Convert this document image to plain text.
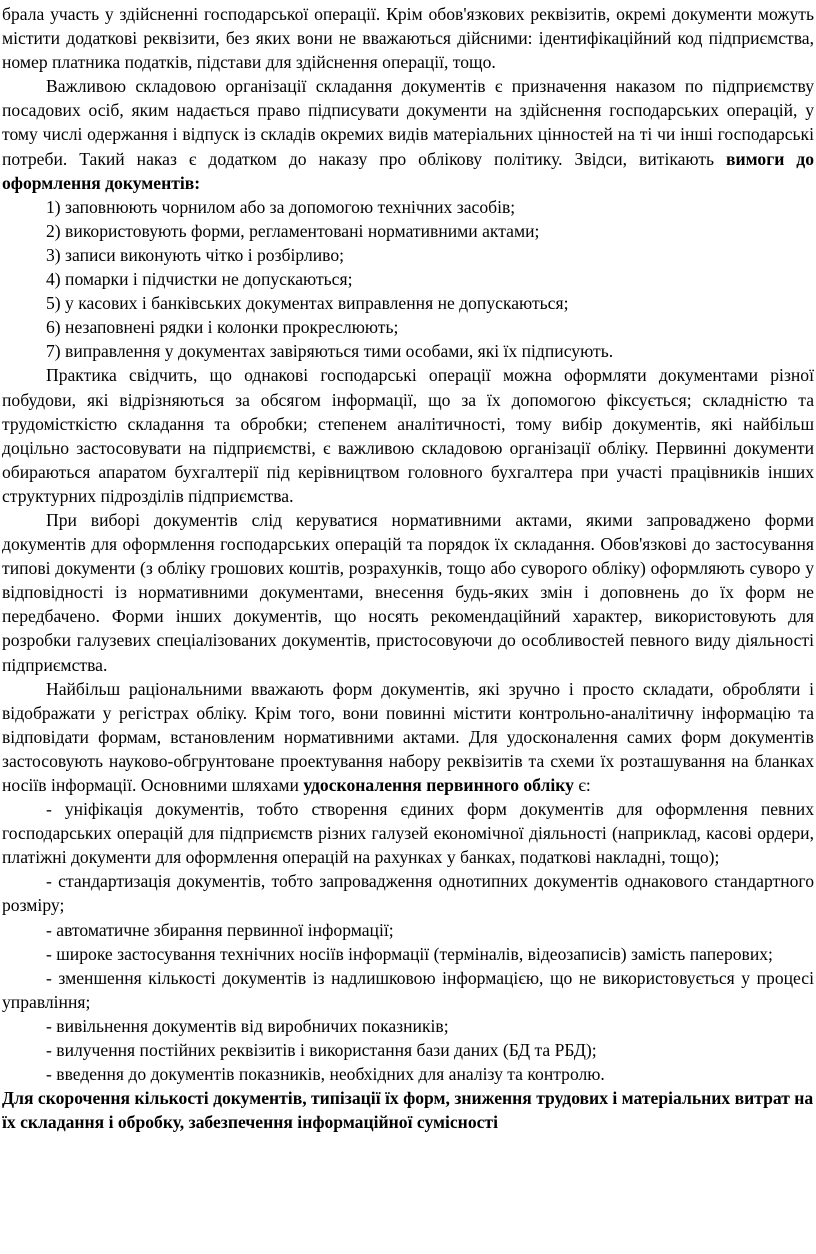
брала участь у здійсненні господарської операції. Крім обов'язкових реквізитів, окремі документи можуть містити додаткові реквізити, без яких вони не вважаються дійсними: ідентифікаційний код підприємства, номер платника податків, підстави для здійснення операції, тощо.

Важливою складовою організації складання документів є призначення наказом по підприємству посадових осіб, яким надається право підписувати документи на здійснення господарських операцій, у тому числі одержання і відпуск із складів окремих видів матеріальних цінностей на ті чи інші господарські потреби. Такий наказ є додатком до наказу про облікову політику. Звідси, витікають вимоги до оформлення документів:

1) заповнюють чорнилом або за допомогою технічних засобів;

2) використовують форми, регламентовані нормативними актами;

3) записи виконують чітко і розбірливо;

4) помарки і підчистки не допускаються;

5) у касових і банківських документах виправлення не допускаються;

6) незаповнені рядки і колонки прокреслюють;

7) виправлення у документах завіряються тими особами, які їх підписують.

Практика свідчить, що однакові господарські операції можна оформляти документами різної побудови, які відрізняються за обсягом інформації, що за їх допомогою фіксується; складністю та трудомісткістю складання та обробки; степенем аналітичності, тому вибір документів, які найбільш доцільно застосовувати на підприємстві, є важливою складовою організації обліку. Первинні документи обираються апаратом бухгалтерії під керівництвом головного бухгалтера при участі працівників інших структурних підрозділів підприємства.

При виборі документів слід керуватися нормативними актами, якими запроваджено форми документів для оформлення господарських операцій та порядок їх складання. Обов'язкові до застосування типові документи (з обліку грошових коштів, розрахунків, тощо або суворого обліку) оформляють суворо у відповідності із нормативними документами, внесення будь-яких змін і доповнень до їх форм не передбачено. Форми інших документів, що носять рекомендаційний характер, використовують для розробки галузевих спеціалізованих документів, пристосовуючи до особливостей певного виду діяльності підприємства.

Найбільш раціональними вважають форм документів, які зручно і просто складати, обробляти і відображати у регістрах обліку. Крім того, вони повинні містити контрольно-аналітичну інформацію та відповідати формам, встановленим нормативними актами. Для удосконалення самих форм документів застосовують науково-обгрунтоване проектування набору реквізитів та схеми їх розташування на бланках носіїв інформації. Основними шляхами удосконалення первинного обліку є:

- уніфікація документів, тобто створення єдиних форм документів для оформлення певних господарських операцій для підприємств різних галузей економічної діяльності (наприклад, касові ордери, платіжні документи для оформлення операцій на рахунках у банках, податкові накладні, тощо);

- стандартизація документів, тобто запровадження однотипних документів однакового стандартного розміру;

- автоматичне збирання первинної інформації;

- широке застосування технічних носіїв інформації (терміналів, відеозаписів) замість паперових;

- зменшення кількості документів із надлишковою інформацією, що не використовується у процесі управління;

- вивільнення документів від виробничих показників;

- вилучення постійних реквізитів і використання бази даних (БД та РБД);

- введення до документів показників, необхідних для аналізу та контролю.

Для скорочення кількості документів, типізації їх форм, зниження трудових і матеріальних витрат на їх складання і обробку, забезпечення інформаційної сумісності
